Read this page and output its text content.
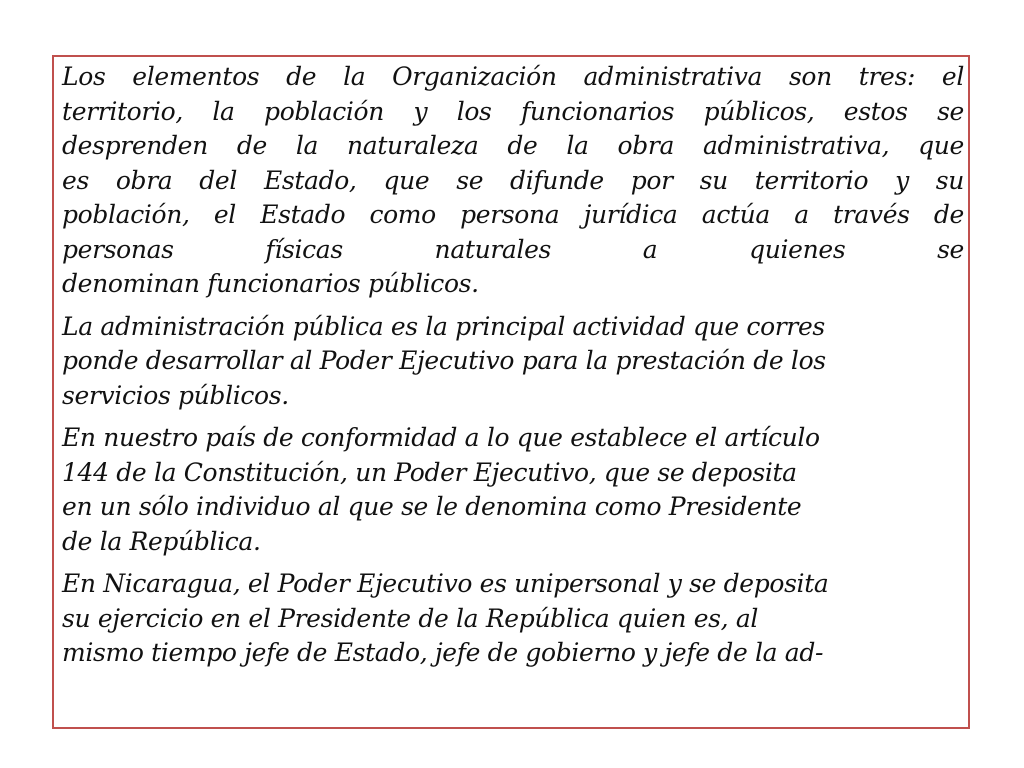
Los elementos de la Organización administrativa son tres: el
territorio, la población y los funcionarios públicos, estos se
desprenden de la naturaleza de la obra administrativa, que
es obra del Estado, que se difunde por su territorio y su
población, el Estado como persona jurídica actúa a través de
personas físicas naturales a quienes se
denominan funcionarios públicos.

La administración pública es la principal actividad que corres
ponde desarrollar al Poder Ejecutivo para la prestación de los
servicios públicos.

En nuestro país de conformidad a lo que establece el artículo
144 de la Constitución, un Poder Ejecutivo, que se deposita
en un sólo individuo al que se le denomina como Presidente
de la República.

En Nicaragua, el Poder Ejecutivo es unipersonal y se deposita
su ejercicio en el Presidente de la República quien es, al
mismo tiempo jefe de Estado, jefe de gobierno y jefe de la ad-
